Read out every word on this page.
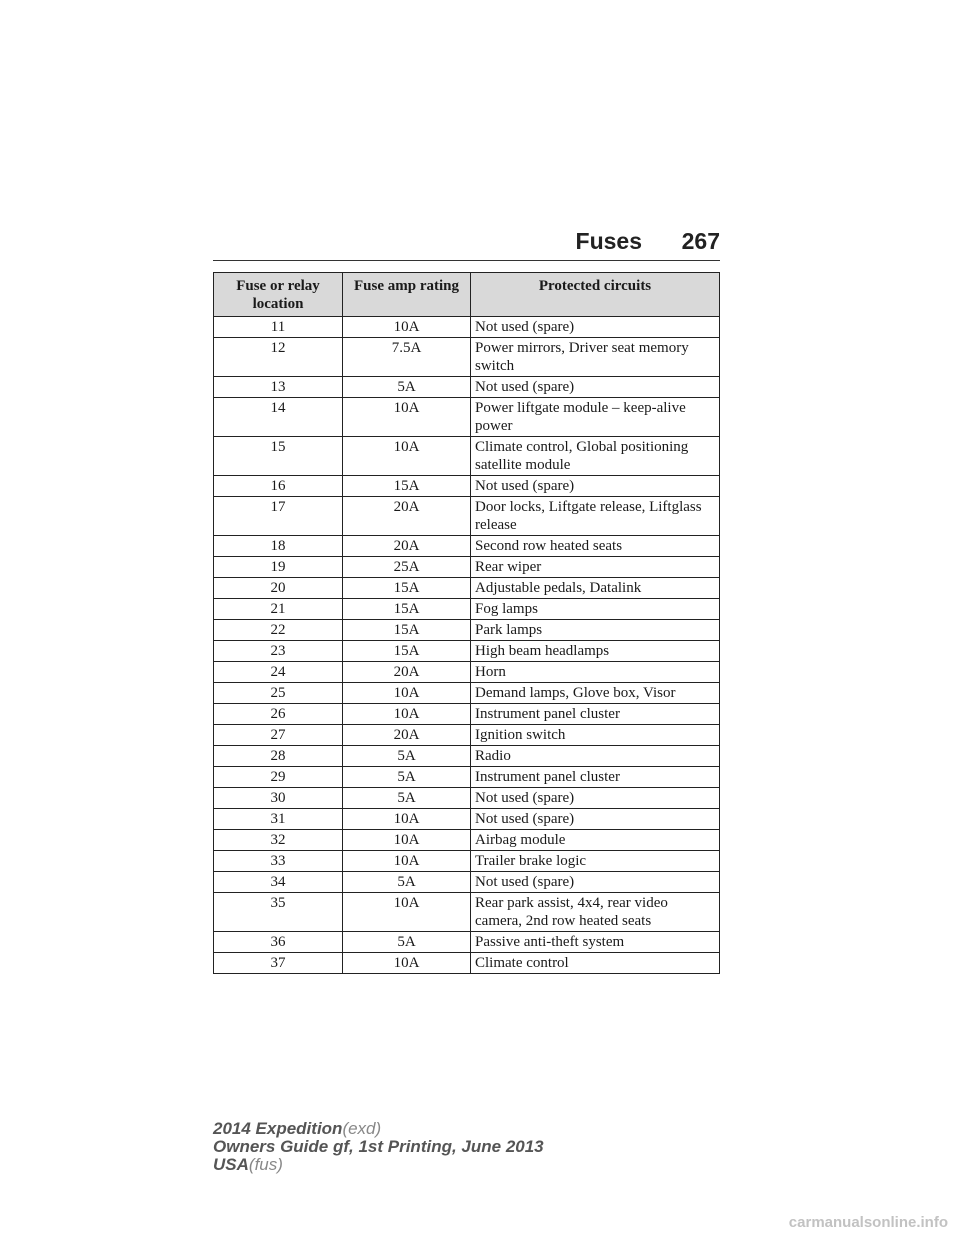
Fuses 267
Fuse or relay location	Fuse amp rating	Protected circuits
11	10A	Not used (spare)
12	7.5A	Power mirrors, Driver seat memory switch
13	5A	Not used (spare)
14	10A	Power liftgate module – keep-alive power
15	10A	Climate control, Global positioning satellite module
16	15A	Not used (spare)
17	20A	Door locks, Liftgate release, Liftglass release
18	20A	Second row heated seats
19	25A	Rear wiper
20	15A	Adjustable pedals, Datalink
21	15A	Fog lamps
22	15A	Park lamps
23	15A	High beam headlamps
24	20A	Horn
25	10A	Demand lamps, Glove box, Visor
26	10A	Instrument panel cluster
27	20A	Ignition switch
28	5A	Radio
29	5A	Instrument panel cluster
30	5A	Not used (spare)
31	10A	Not used (spare)
32	10A	Airbag module
33	10A	Trailer brake logic
34	5A	Not used (spare)
35	10A	Rear park assist, 4x4, rear video camera, 2nd row heated seats
36	5A	Passive anti-theft system
37	10A	Climate control
2014 Expedition(exd)
Owners Guide gf, 1st Printing, June 2013
USA(fus)
carmanualsonline.info
